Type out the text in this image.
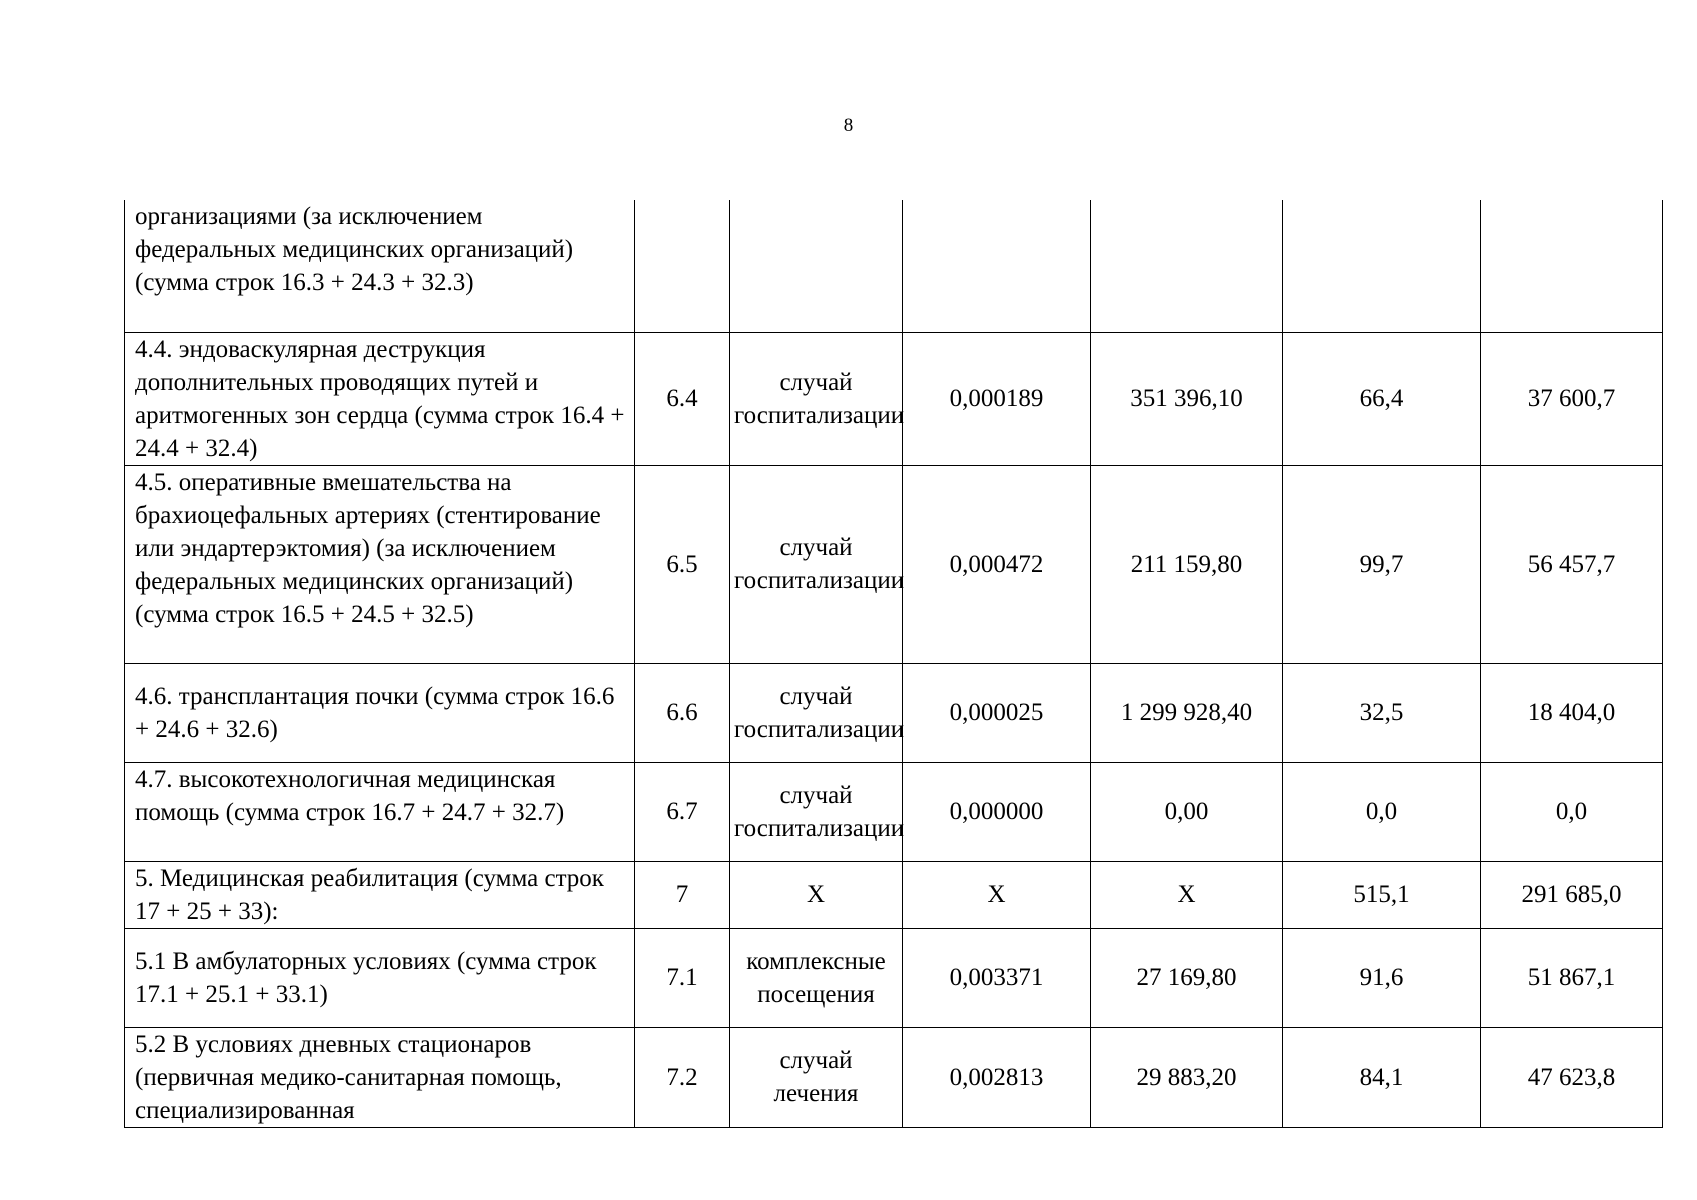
8
организациями (за исключением федеральных медицинских организаций) (сумма строк 16.3 + 24.3 + 32.3)						
4.4. эндоваскулярная деструкция дополнительных проводящих путей и аритмогенных зон сердца (сумма строк 16.4 + 24.4 + 32.4)	6.4	случай госпитализации	0,000189	351 396,10	66,4	37 600,7
4.5. оперативные вмешательства на брахиоцефальных артериях (стентирование или эндартерэктомия) (за исключением федеральных медицинских организаций) (сумма строк 16.5 + 24.5 + 32.5)	6.5	случай госпитализации	0,000472	211 159,80	99,7	56 457,7
4.6. трансплантация почки (сумма строк 16.6 + 24.6 + 32.6)	6.6	случай госпитализации	0,000025	1 299 928,40	32,5	18 404,0
4.7. высокотехнологичная медицинская помощь (сумма строк 16.7 + 24.7 + 32.7)	6.7	случай госпитализации	0,000000	0,00	0,0	0,0
5. Медицинская реабилитация (сумма строк 17 + 25 + 33):	7	X	X	X	515,1	291 685,0
5.1 В амбулаторных условиях (сумма строк 17.1 + 25.1 + 33.1)	7.1	комплексные посещения	0,003371	27 169,80	91,6	51 867,1
5.2 В условиях дневных стационаров (первичная медико-санитарная помощь, специализированная	7.2	случай лечения	0,002813	29 883,20	84,1	47 623,8
